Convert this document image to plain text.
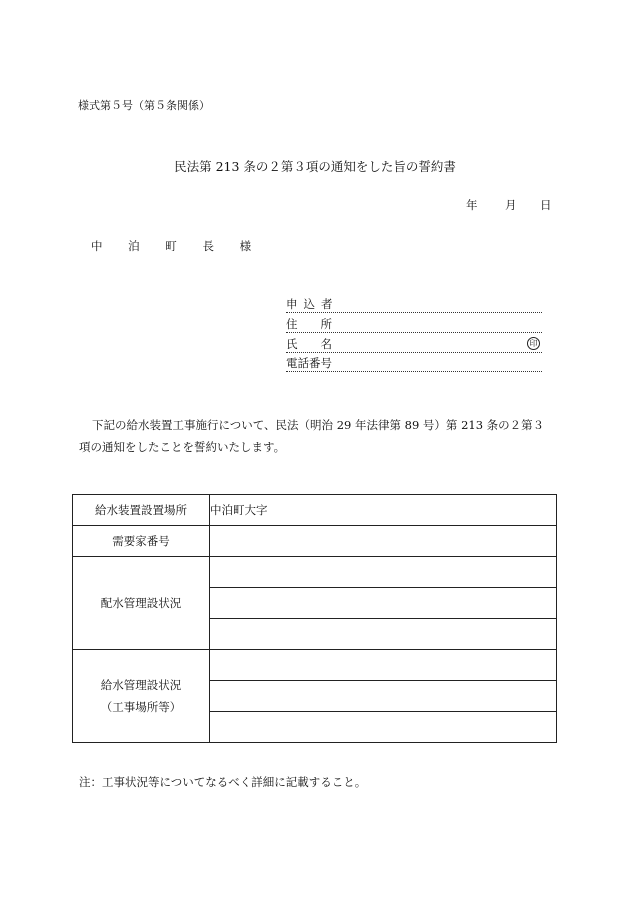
様式第５号（第５条関係）
民法第 213 条の２第３項の通知をした旨の誓約書
年 月 日
中 泊 町 長 様
申込者
住　　所
氏　　名	印
電話番号
下記の給水装置工事施行について、民法（明治 29 年法律第 89 号）第 213 条の２第３項の通知をしたことを誓約いたします。
給水装置設置場所	中泊町大字
需要家番号	
配水管理設状況	

給水管理設状況
（工事場所等）	

注：工事状況等についてなるべく詳細に記載すること。
